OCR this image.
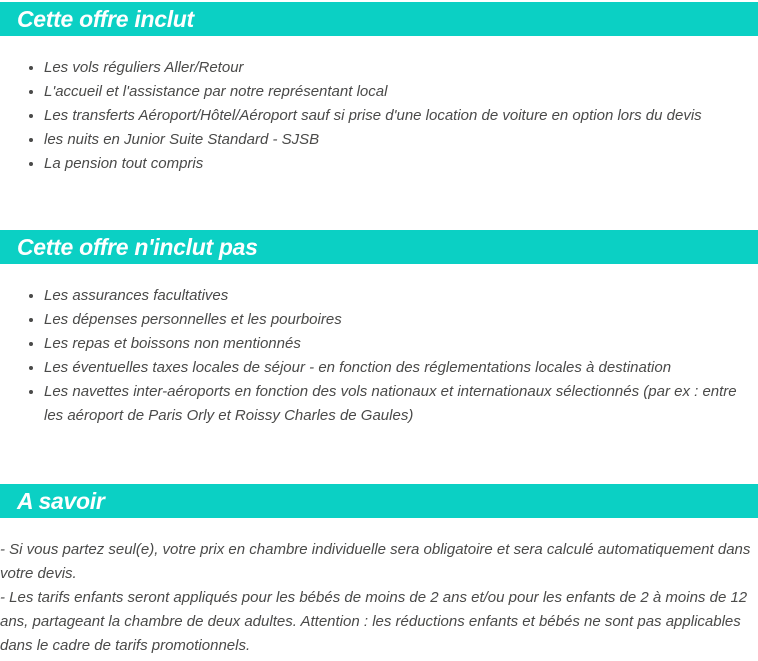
Cette offre inclut
• Les vols réguliers Aller/Retour
• L'accueil et l'assistance par notre représentant local
• Les transferts Aéroport/Hôtel/Aéroport sauf si prise d'une location de voiture en option lors du devis
• les nuits en Junior Suite Standard - SJSB
• La pension tout compris
Cette offre n'inclut pas
• Les assurances facultatives
• Les dépenses personnelles et les pourboires
• Les repas et boissons non mentionnés
• Les éventuelles taxes locales de séjour - en fonction des réglementations locales à destination
• Les navettes inter-aéroports en fonction des vols nationaux et internationaux sélectionnés (par ex : entre les aéroport de Paris Orly et Roissy Charles de Gaules)
A savoir

- Si vous partez seul(e), votre prix en chambre individuelle sera obligatoire et sera calculé automatiquement dans votre devis.

- Les tarifs enfants seront appliqués pour les bébés de moins de 2 ans et/ou pour les enfants de 2 à moins de 12 ans, partageant la chambre de deux adultes. Attention : les réductions enfants et bébés ne sont pas applicables dans le cadre de tarifs promotionnels.
